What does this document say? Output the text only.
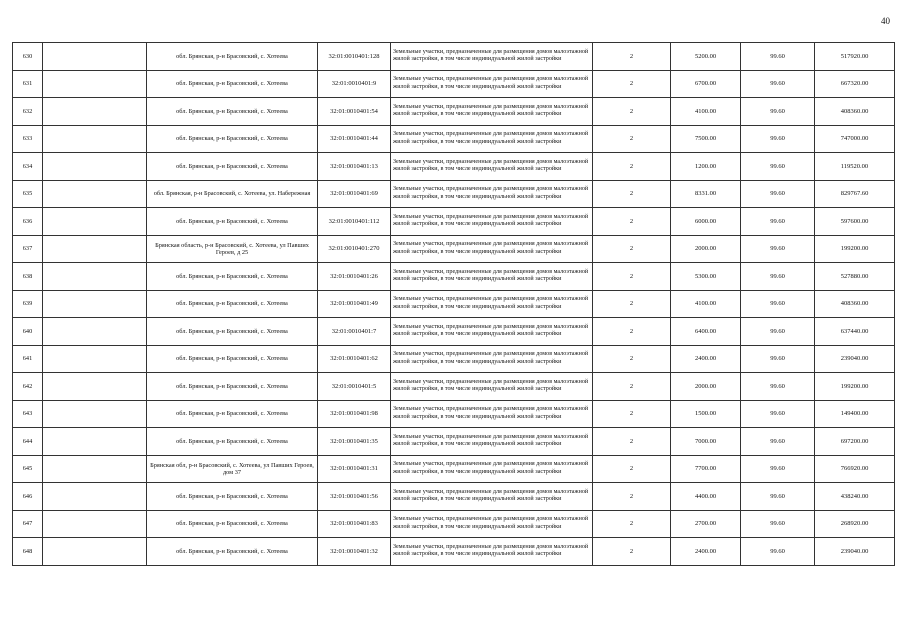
40
630		обл. Брянская, р-н Брасовский, с. Хотеева	32:01:0010401:128	Земельные участки, предназначенные для размещения домов малоэтажной жилой застройки, в том числе индивидуальной жилой застройки	2	5200.00	99.60	517920.00
631		обл. Брянская, р-н Брасовский, с. Хотеева	32:01:0010401:9	Земельные участки, предназначенные для размещения домов малоэтажной жилой застройки, в том числе индивидуальной жилой застройки	2	6700.00	99.60	667320.00
632		обл. Брянская, р-н Брасовский, с. Хотеева	32:01:0010401:54	Земельные участки, предназначенные для размещения домов малоэтажной жилой застройки, в том числе индивидуальной жилой застройки	2	4100.00	99.60	408360.00
633		обл. Брянская, р-н Брасовский, с. Хотеева	32:01:0010401:44	Земельные участки, предназначенные для размещения домов малоэтажной жилой застройки, в том числе индивидуальной жилой застройки	2	7500.00	99.60	747000.00
634		обл. Брянская, р-н Брасовский, с. Хотеева	32:01:0010401:13	Земельные участки, предназначенные для размещения домов малоэтажной жилой застройки, в том числе индивидуальной жилой застройки	2	1200.00	99.60	119520.00
635		обл. Брянская, р-н Брасовский, с. Хотеева, ул. Набережная	32:01:0010401:69	Земельные участки, предназначенные для размещения домов малоэтажной жилой застройки, в том числе индивидуальной жилой застройки	2	8331.00	99.60	829767.60
636		обл. Брянская, р-н Брасовский, с. Хотеева	32:01:0010401:112	Земельные участки, предназначенные для размещения домов малоэтажной жилой застройки, в том числе индивидуальной жилой застройки	2	6000.00	99.60	597600.00
637		Брянская область, р-н Брасовский, с. Хотеева, ул Павших Героев, д 25	32:01:0010401:270	Земельные участки, предназначенные для размещения домов малоэтажной жилой застройки, в том числе индивидуальной жилой застройки	2	2000.00	99.60	199200.00
638		обл. Брянская, р-н Брасовский, с. Хотеева	32:01:0010401:26	Земельные участки, предназначенные для размещения домов малоэтажной жилой застройки, в том числе индивидуальной жилой застройки	2	5300.00	99.60	527880.00
639		обл. Брянская, р-н Брасовский, с. Хотеева	32:01:0010401:49	Земельные участки, предназначенные для размещения домов малоэтажной жилой застройки, в том числе индивидуальной жилой застройки	2	4100.00	99.60	408360.00
640		обл. Брянская, р-н Брасовский, с. Хотеева	32:01:0010401:7	Земельные участки, предназначенные для размещения домов малоэтажной жилой застройки, в том числе индивидуальной жилой застройки	2	6400.00	99.60	637440.00
641		обл. Брянская, р-н Брасовский, с. Хотеева	32:01:0010401:62	Земельные участки, предназначенные для размещения домов малоэтажной жилой застройки, в том числе индивидуальной жилой застройки	2	2400.00	99.60	239040.00
642		обл. Брянская, р-н Брасовский, с. Хотеева	32:01:0010401:5	Земельные участки, предназначенные для размещения домов малоэтажной жилой застройки, в том числе индивидуальной жилой застройки	2	2000.00	99.60	199200.00
643		обл. Брянская, р-н Брасовский, с. Хотеева	32:01:0010401:98	Земельные участки, предназначенные для размещения домов малоэтажной жилой застройки, в том числе индивидуальной жилой застройки	2	1500.00	99.60	149400.00
644		обл. Брянская, р-н Брасовский, с. Хотеева	32:01:0010401:35	Земельные участки, предназначенные для размещения домов малоэтажной жилой застройки, в том числе индивидуальной жилой застройки	2	7000.00	99.60	697200.00
645		Брянская обл, р-н Брасовский, с. Хотеева, ул Павших Героев, дом 37	32:01:0010401:31	Земельные участки, предназначенные для размещения домов малоэтажной жилой застройки, в том числе индивидуальной жилой застройки	2	7700.00	99.60	766920.00
646		обл. Брянская, р-н Брасовский, с. Хотеева	32:01:0010401:56	Земельные участки, предназначенные для размещения домов малоэтажной жилой застройки, в том числе индивидуальной жилой застройки	2	4400.00	99.60	438240.00
647		обл. Брянская, р-н Брасовский, с. Хотеева	32:01:0010401:83	Земельные участки, предназначенные для размещения домов малоэтажной жилой застройки, в том числе индивидуальной жилой застройки	2	2700.00	99.60	268920.00
648		обл. Брянская, р-н Брасовский, с. Хотеева	32:01:0010401:32	Земельные участки, предназначенные для размещения домов малоэтажной жилой застройки, в том числе индивидуальной жилой застройки	2	2400.00	99.60	239040.00
